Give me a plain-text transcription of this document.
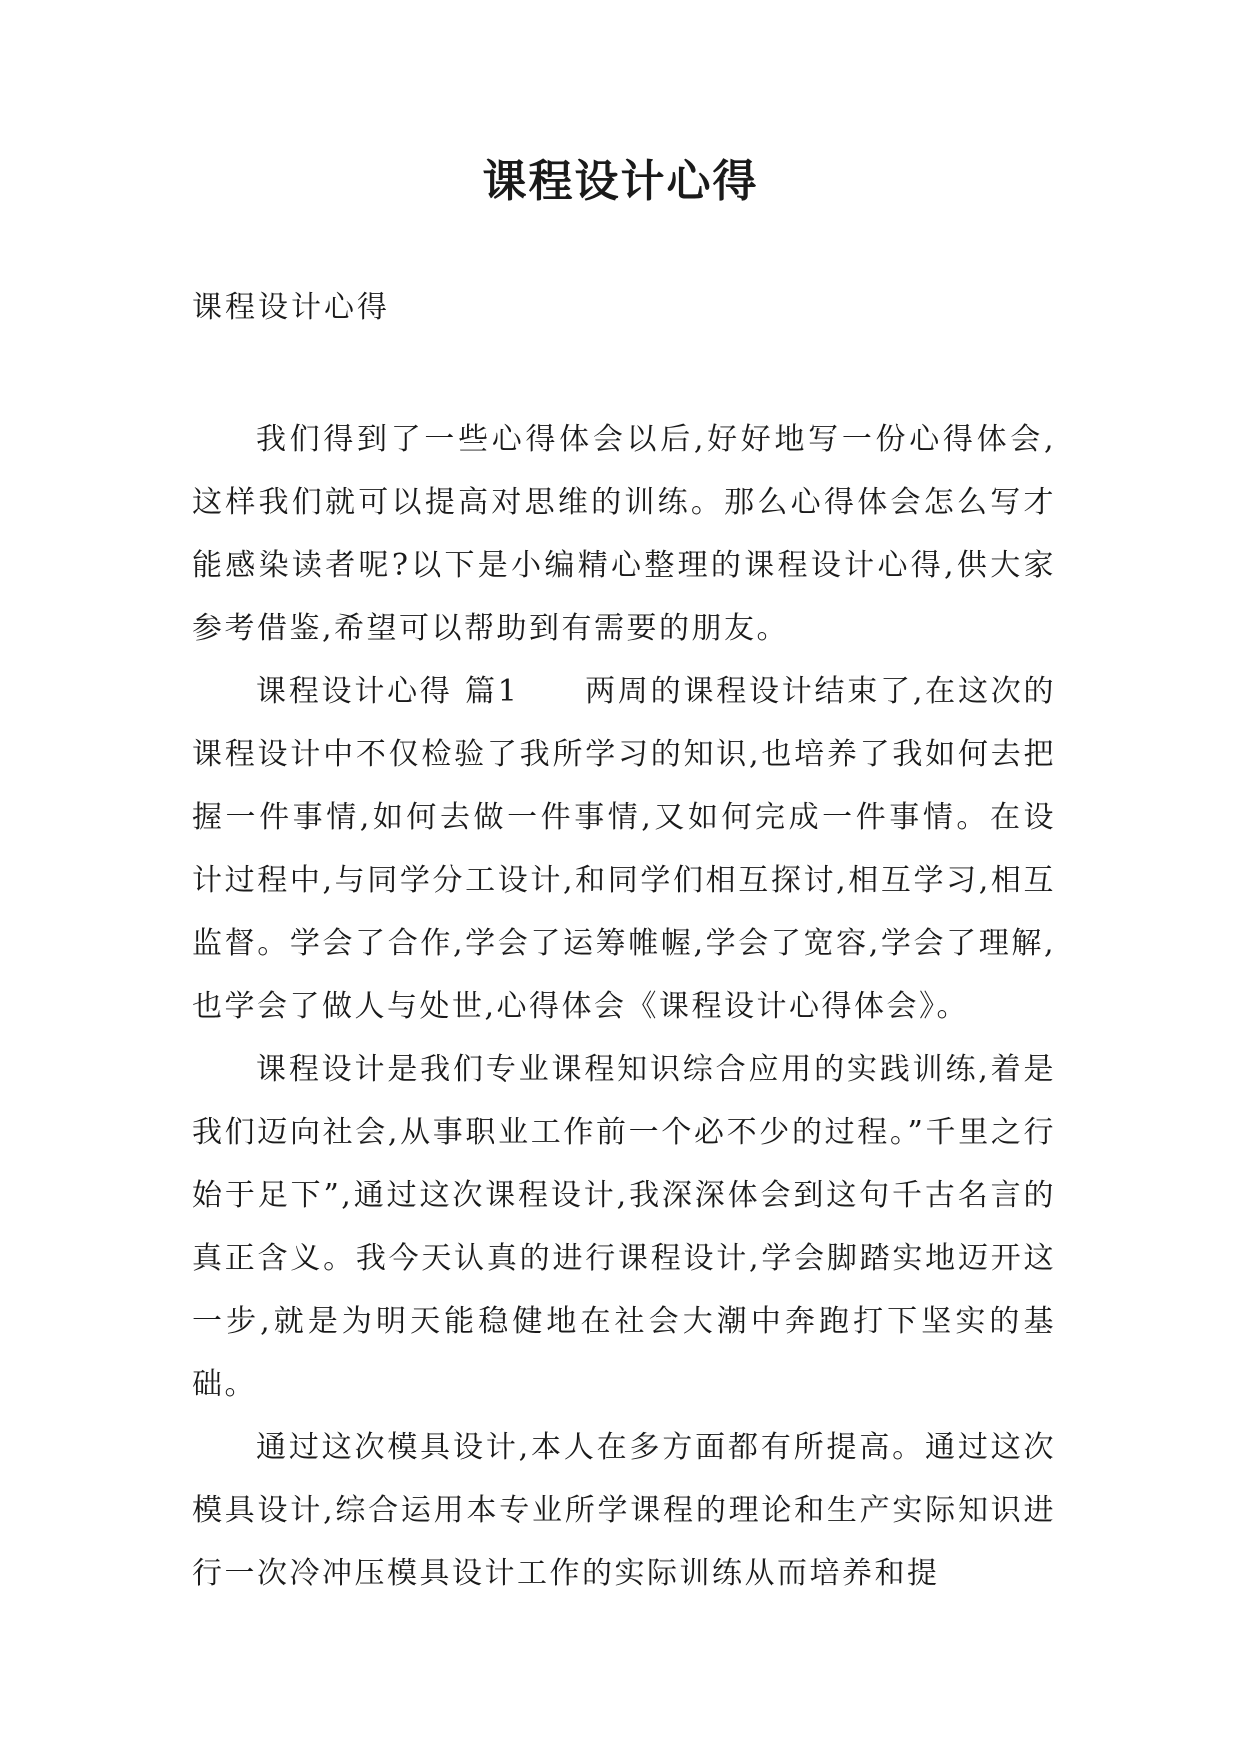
课程设计心得

课程设计心得

我们得到了一些心得体会以后,好好地写一份心得体会,这样我们就可以提高对思维的训练。那么心得体会怎么写才能感染读者呢?以下是小编精心整理的课程设计心得,供大家参考借鉴,希望可以帮助到有需要的朋友。

课程设计心得 篇1　　两周的课程设计结束了,在这次的课程设计中不仅检验了我所学习的知识,也培养了我如何去把握一件事情,如何去做一件事情,又如何完成一件事情。在设计过程中,与同学分工设计,和同学们相互探讨,相互学习,相互监督。学会了合作,学会了运筹帷幄,学会了宽容,学会了理解,也学会了做人与处世,心得体会《课程设计心得体会》。

课程设计是我们专业课程知识综合应用的实践训练,着是我们迈向社会,从事职业工作前一个必不少的过程。”千里之行始于足下”,通过这次课程设计,我深深体会到这句千古名言的真正含义。我今天认真的进行课程设计,学会脚踏实地迈开这一步,就是为明天能稳健地在社会大潮中奔跑打下坚实的基础。

通过这次模具设计,本人在多方面都有所提高。通过这次模具设计,综合运用本专业所学课程的理论和生产实际知识进行一次冷冲压模具设计工作的实际训练从而培养和提
